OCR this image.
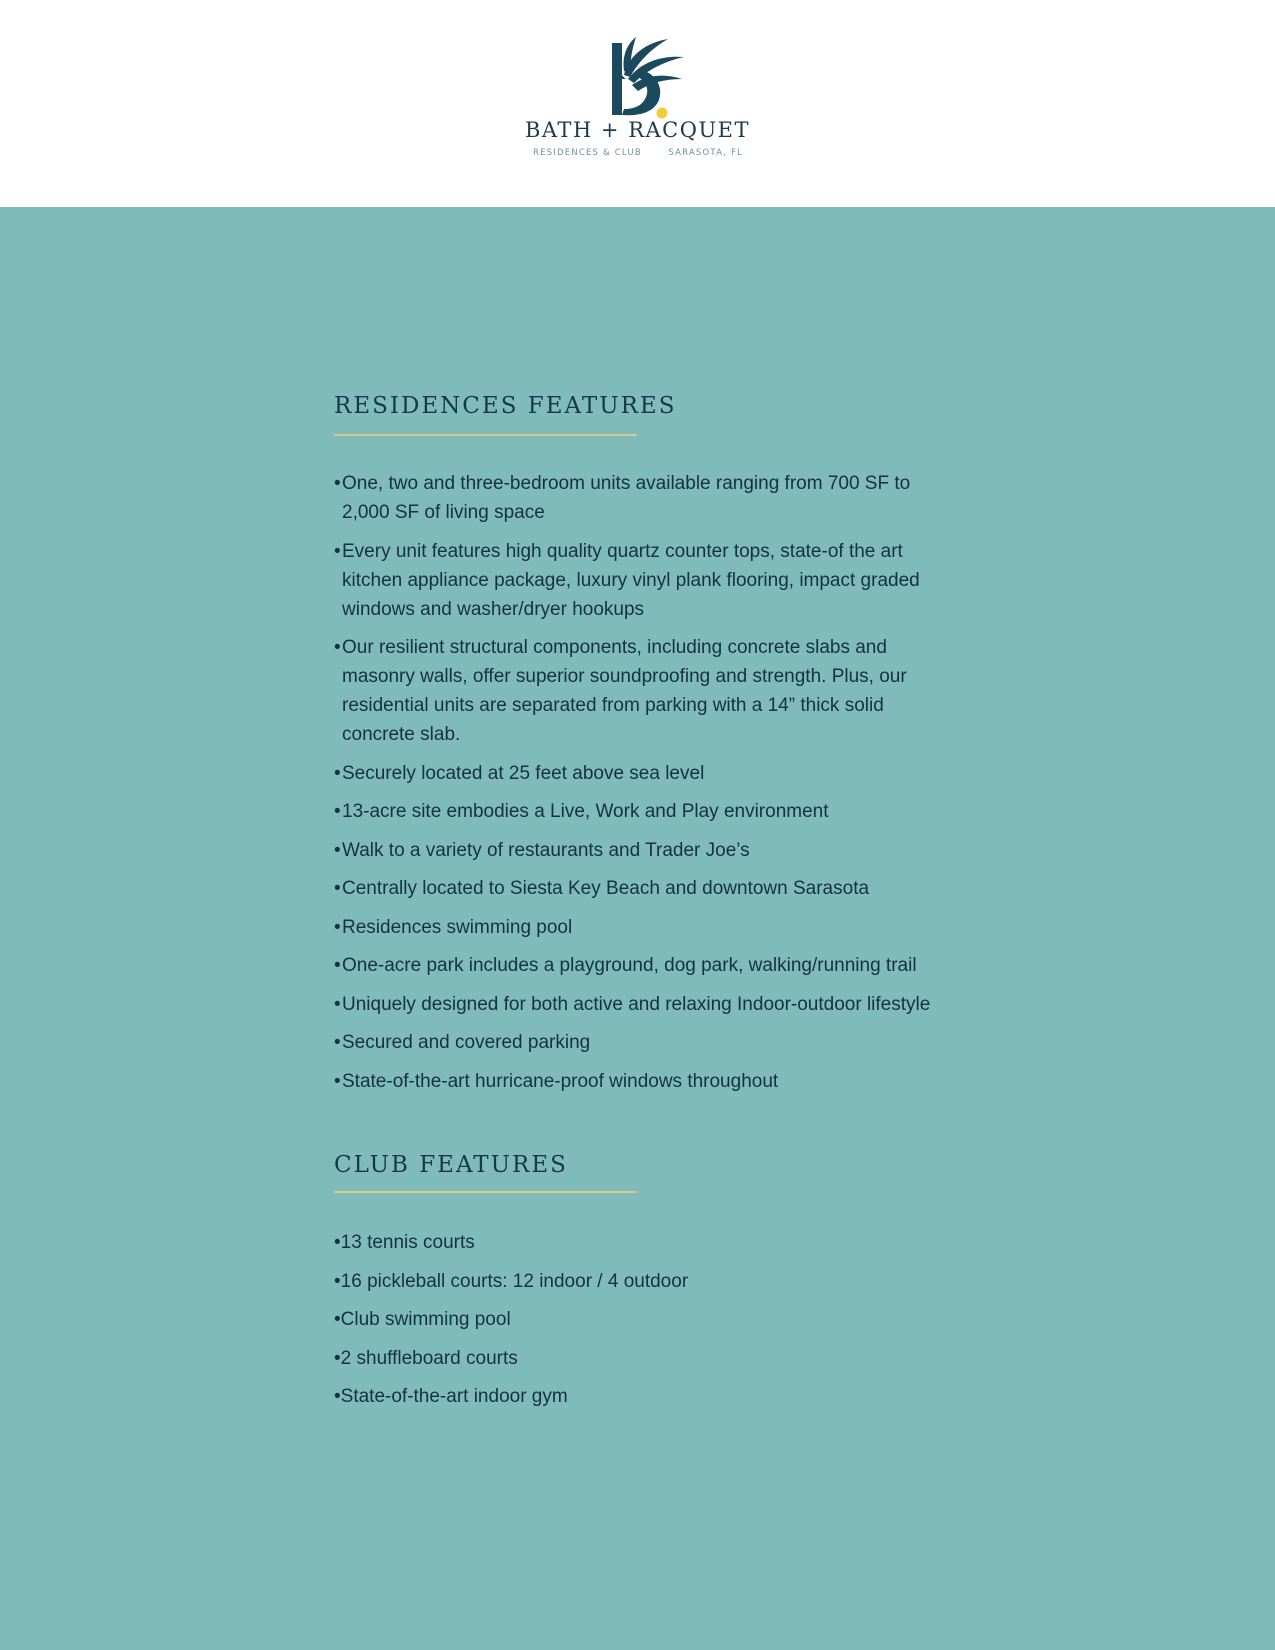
BATH + RACQUET
RESIDENCES & CLUB	SARASOTA, FL
RESIDENCES FEATURES
• One, two and three-bedroom units available ranging from 700 SF to 2,000 SF of living space
• Every unit features high quality quartz counter tops, state-of the art kitchen appliance package, luxury vinyl plank flooring, impact graded windows and washer/dryer hookups
• Our resilient structural components, including concrete slabs and masonry walls, offer superior soundproofing and strength. Plus, our residential units are separated from parking with a 14” thick solid concrete slab.
• Securely located at 25 feet above sea level
• 13-acre site embodies a Live, Work and Play environment
• Walk to a variety of restaurants and Trader Joe’s
• Centrally located to Siesta Key Beach and downtown Sarasota
• Residences swimming pool
• One-acre park includes a playground, dog park, walking/running trail
• Uniquely designed for both active and relaxing Indoor-outdoor lifestyle
• Secured and covered parking
• State-of-the-art hurricane-proof windows throughout
CLUB FEATURES
•13 tennis courts
•16 pickleball courts: 12 indoor / 4 outdoor
•Club swimming pool
•2 shuffleboard courts
•State-of-the-art indoor gym
